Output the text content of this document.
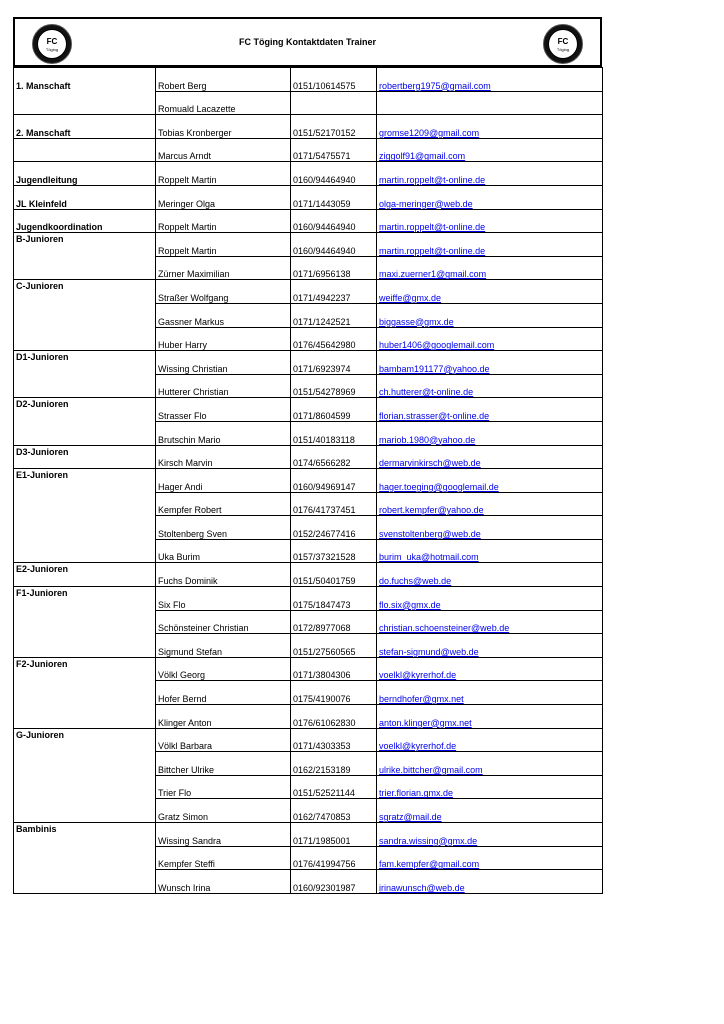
FC
Töging
FC Töging Kontaktdaten Trainer	FC
Töging
1. Manschaft	Robert Berg	0151/10614575	robertberg1975@gmail.com
	Romuald Lacazette		
2. Manschaft	Tobias Kronberger	0151/52170152	gromse1209@gmail.com
	Marcus Arndt	0171/5475571	ziggolf91@gmail.com
Jugendleitung	Roppelt Martin	0160/94464940	martin.roppelt@t-online.de
JL Kleinfeld	Meringer Olga	0171/1443059	olga-meringer@web.de
Jugendkoordination	Roppelt Martin	0160/94464940	martin.roppelt@t-online.de

B-Junioren	Roppelt Martin	0160/94464940	martin.roppelt@t-online.de
	Zürner Maximilian	0171/6956138	maxi.zuerner1@gmail.com

C-Junioren	Straßer Wolfgang	0171/4942237	weiffe@gmx.de
	Gassner Markus	0171/1242521	biggasse@gmx.de
	Huber Harry	0176/45642980	huber1406@googlemail.com

D1-Junioren	Wissing Christian	0171/6923974	bambam191177@yahoo.de
	Hutterer Christian	0151/54278969	ch.hutterer@t-online.de

D2-Junioren	Strasser Flo	0171/8604599	florian.strasser@t-online.de
	Brutschin Mario	0151/40183118	mariob.1980@yahoo.de

D3-Junioren	Kirsch Marvin	0174/6566282	dermarvinkirsch@web.de

E1-Junioren	Hager Andi	0160/94969147	hager.toeging@googlemail.de
	Kempfer Robert	0176/41737451	robert.kempfer@yahoo.de
	Stoltenberg Sven	0152/24677416	svenstoltenberg@web.de
	Uka Burim	0157/37321528	burim_uka@hotmail.com

E2-Junioren	Fuchs Dominik	0151/50401759	do.fuchs@web.de

F1-Junioren	Six Flo	0175/1847473	flo.six@gmx.de
	Schönsteiner Christian	0172/8977068	christian.schoensteiner@web.de
	Sigmund Stefan	0151/27560565	stefan-sigmund@web.de

F2-Junioren	Völkl Georg	0171/3804306	voelkl@kyrerhof.de
	Hofer Bernd	0175/4190076	berndhofer@gmx.net
	Klinger Anton	0176/61062830	anton.klinger@gmx.net

G-Junioren	Völkl Barbara	0171/4303353	voelkl@kyrerhof.de
	Bittcher Ulrike	0162/2153189	ulrike.bittcher@gmail.com
	Trier Flo	0151/52521144	trier.florian.gmx.de
	Gratz Simon	0162/7470853	sgratz@mail.de

Bambinis	Wissing Sandra	0171/1985001	sandra.wissing@gmx.de
	Kempfer Steffi	0176/41994756	fam.kempfer@gmail.com
	Wunsch Irina	0160/92301987	irinawunsch@web.de
